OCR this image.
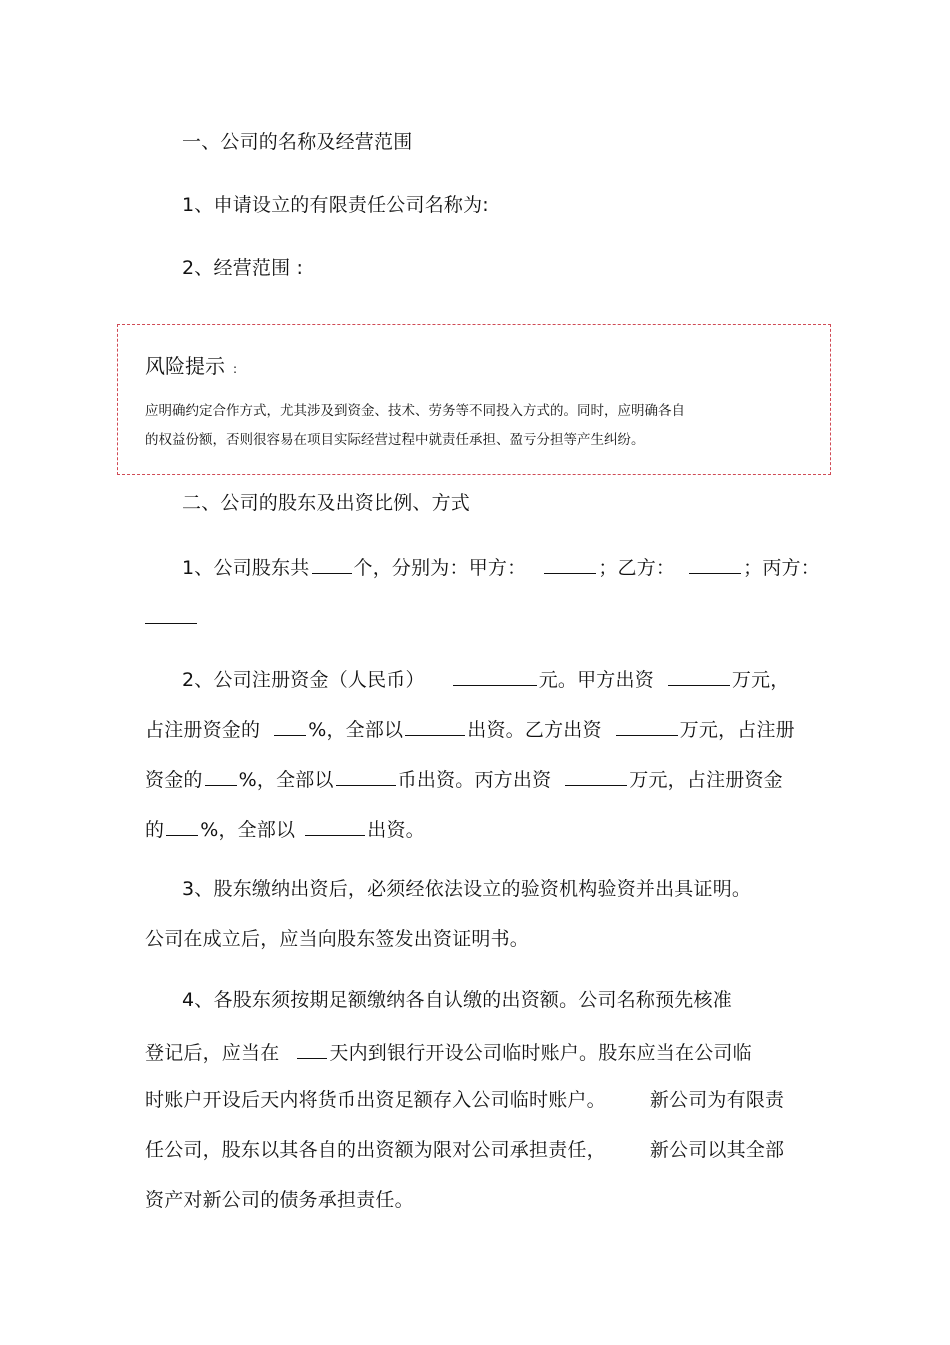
一、公司的名称及经营范围
1、申请设立的有限责任公司名称为:
2、经营范围 :
风险提示 :
应明确约定合作方式，尤其涉及到资金、技术、劳务等不同投入方式的。同时，应明确各自
的权益份额，否则很容易在项目实际经营过程中就责任承担、盈亏分担等产生纠纷。
二、公司的股东及出资比例、方式
1、公司股东共 个，分别为：甲方：	；乙方：	；丙方：
2、公司注册资金（人民币）	元。甲方出资	万元，
占注册资金的	%，全部以	出资。乙方出资	万元，占注册
资金的 %，全部以	币出资。丙方出资	万元，占注册资金
的 %，全部以	出资。
3、股东缴纳出资后，必须经依法设立的验资机构验资并出具证明。
公司在成立后，应当向股东签发出资证明书。
4、各股东须按期足额缴纳各自认缴的出资额。公司名称预先核准
登记后，应当在	天内到银行开设公司临时账户。股东应当在公司临
时账户开设后天内将货币出资足额存入公司临时账户。 新公司为有限责
任公司，股东以其各自的出资额为限对公司承担责任， 新公司以其全部
资产对新公司的债务承担责任。
